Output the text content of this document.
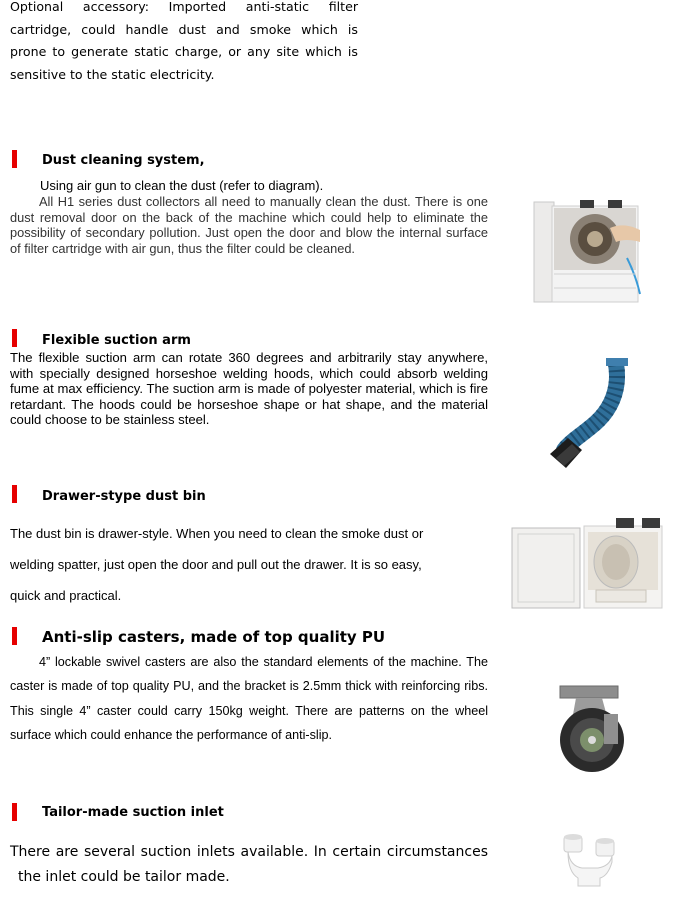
Optional accessory: Imported anti-static filter
cartridge, could handle dust and smoke which is
prone to generate static charge, or any site which is
sensitive to the static electricity.
Dust cleaning system,
Using air gun to clean the dust (refer to diagram).
All H1 series dust collectors all need to manually clean the dust. There is one dust removal door on the back of the machine which could help to eliminate the possibility of secondary pollution. Just open the door and blow the internal surface of filter cartridge with air gun, thus the filter could be cleaned.
Flexible suction arm
The flexible suction arm can rotate 360 degrees and arbitrarily stay anywhere, with specially designed horseshoe welding hoods, which could absorb welding fume at max efficiency. The suction arm is made of polyester material, which is fire retardant. The hoods could be horseshoe shape or hat shape, and the material could choose to be stainless steel.
Drawer-stype dust bin
The dust bin is drawer-style. When you need to clean the smoke dust or
welding spatter, just open the door and pull out the drawer. It is so easy,
quick and practical.
Anti-slip casters, made of top quality PU
4” lockable swivel casters are also the standard elements of the machine. The caster is made of top quality PU, and the bracket is 2.5mm thick with reinforcing ribs. This single 4” caster could carry 150kg weight. There are patterns on the wheel surface which could enhance the performance of anti-slip.
Tailor-made suction inlet
There are several suction inlets available. In certain circumstances
the inlet could be tailor made.
